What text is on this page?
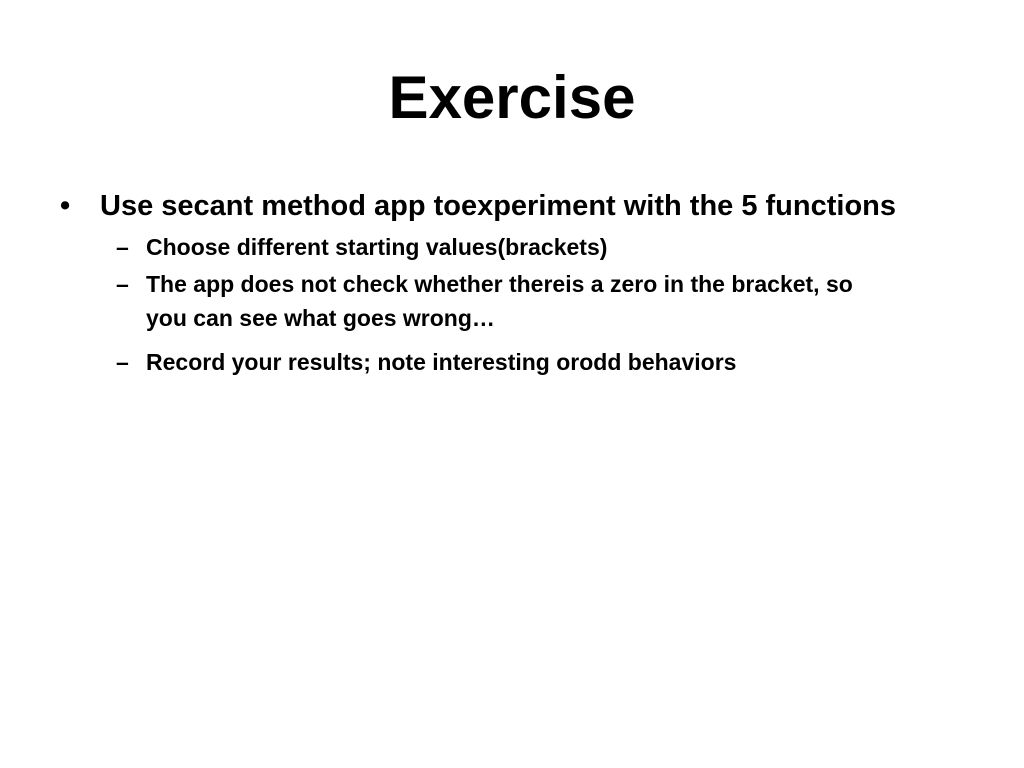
Exercise
•	Use secant method app toexperiment with the 5 functions
– Choose different starting values(brackets)
– The app does not check whether thereis a zero in the bracket, so you can see what goes wrong…
– Record your results; note interesting orodd behaviors
